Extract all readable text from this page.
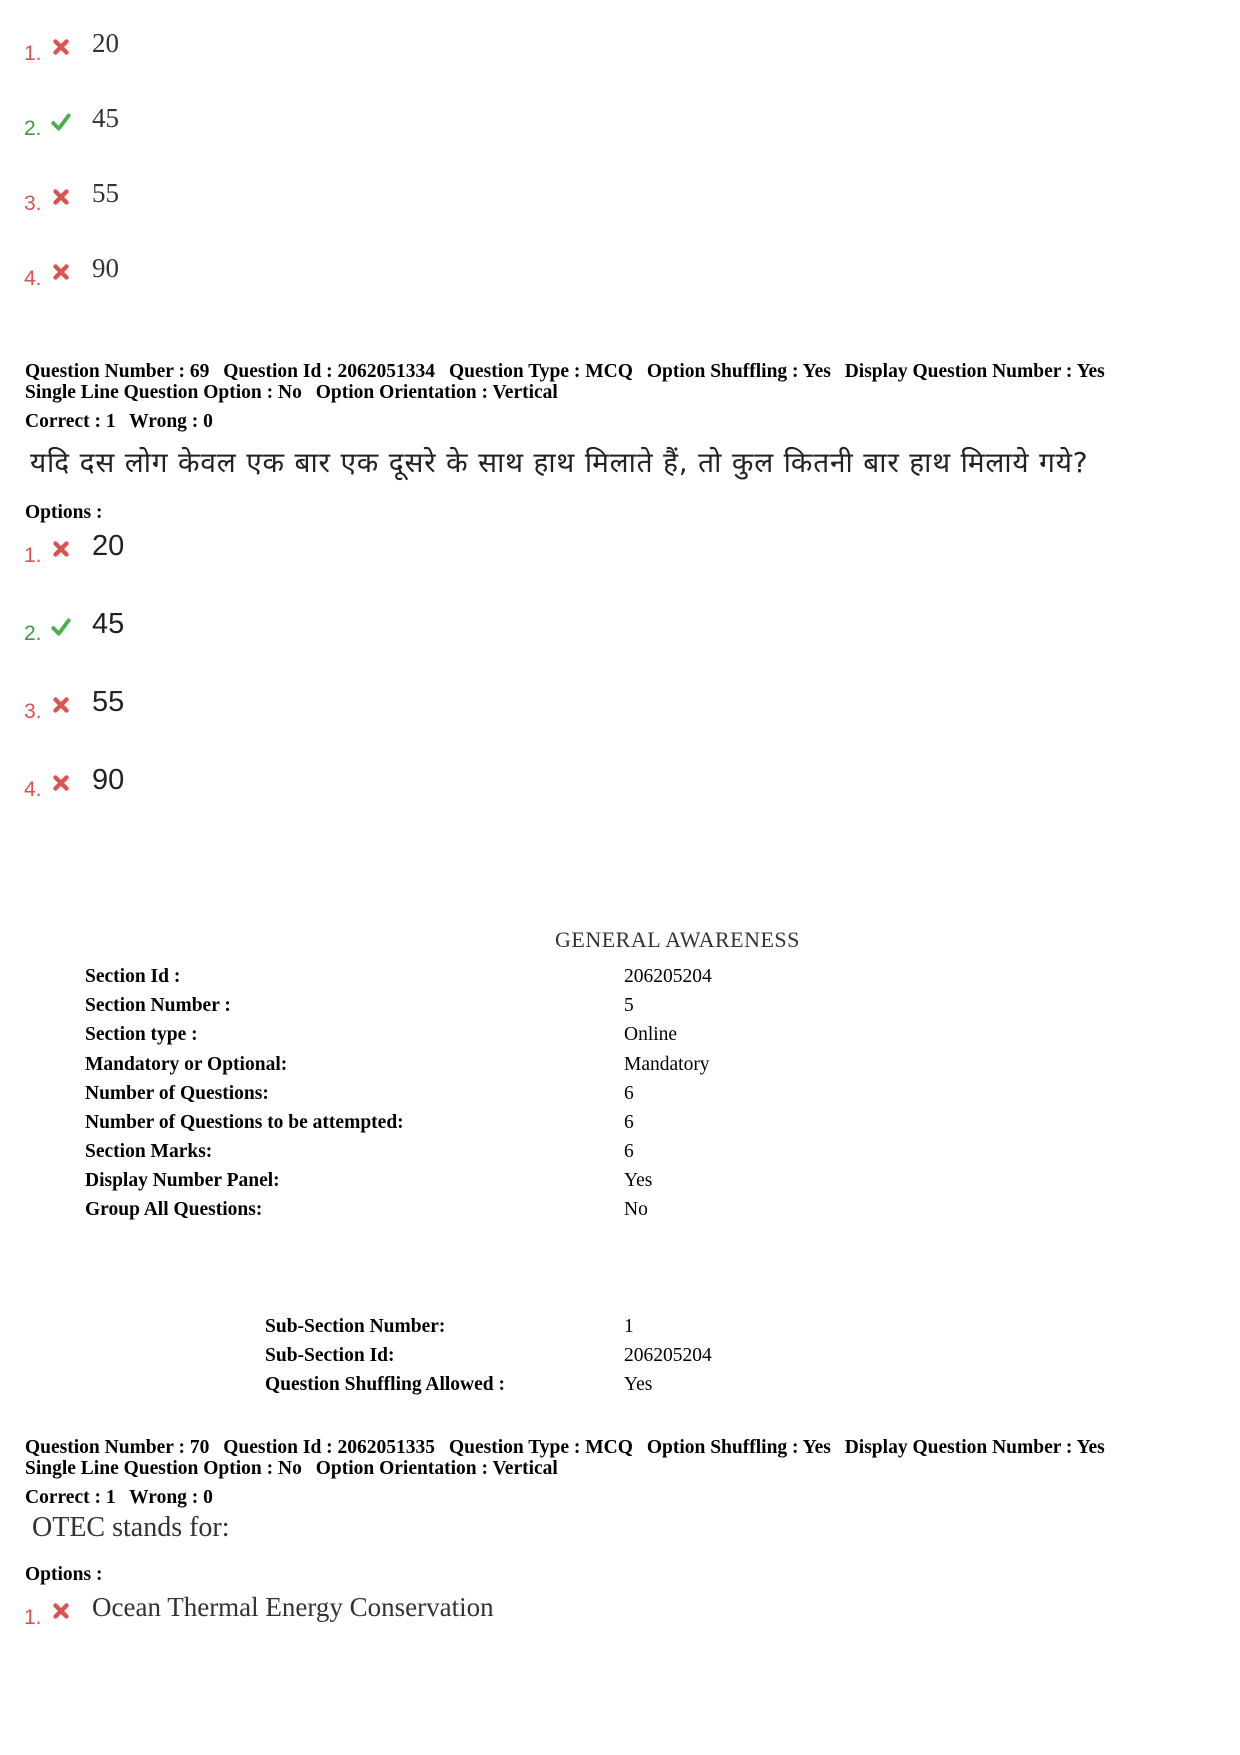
1. 20
2. 45
3. 55
4. 90
Question Number : 69 Question Id : 2062051334 Question Type : MCQ Option Shuffling : Yes Display Question Number : Yes
Single Line Question Option : No Option Orientation : Vertical
Correct : 1 Wrong : 0
यदि दस लोग केवल एक बार एक दूसरे के साथ हाथ मिलाते हैं, तो कुल कितनी बार हाथ मिलाये गये?
Options :
1. 20
2. 45
3. 55
4. 90
GENERAL AWARENESS
Section Id :	206205204
Section Number :	5
Section type :	Online
Mandatory or Optional:	Mandatory
Number of Questions:	6
Number of Questions to be attempted:	6
Section Marks:	6
Display Number Panel:	Yes
Group All Questions:	No
Sub-Section Number:	1
Sub-Section Id:	206205204
Question Shuffling Allowed :	Yes
Question Number : 70 Question Id : 2062051335 Question Type : MCQ Option Shuffling : Yes Display Question Number : Yes
Single Line Question Option : No Option Orientation : Vertical
Correct : 1 Wrong : 0
OTEC stands for:
Options :
1. Ocean Thermal Energy Conservation
